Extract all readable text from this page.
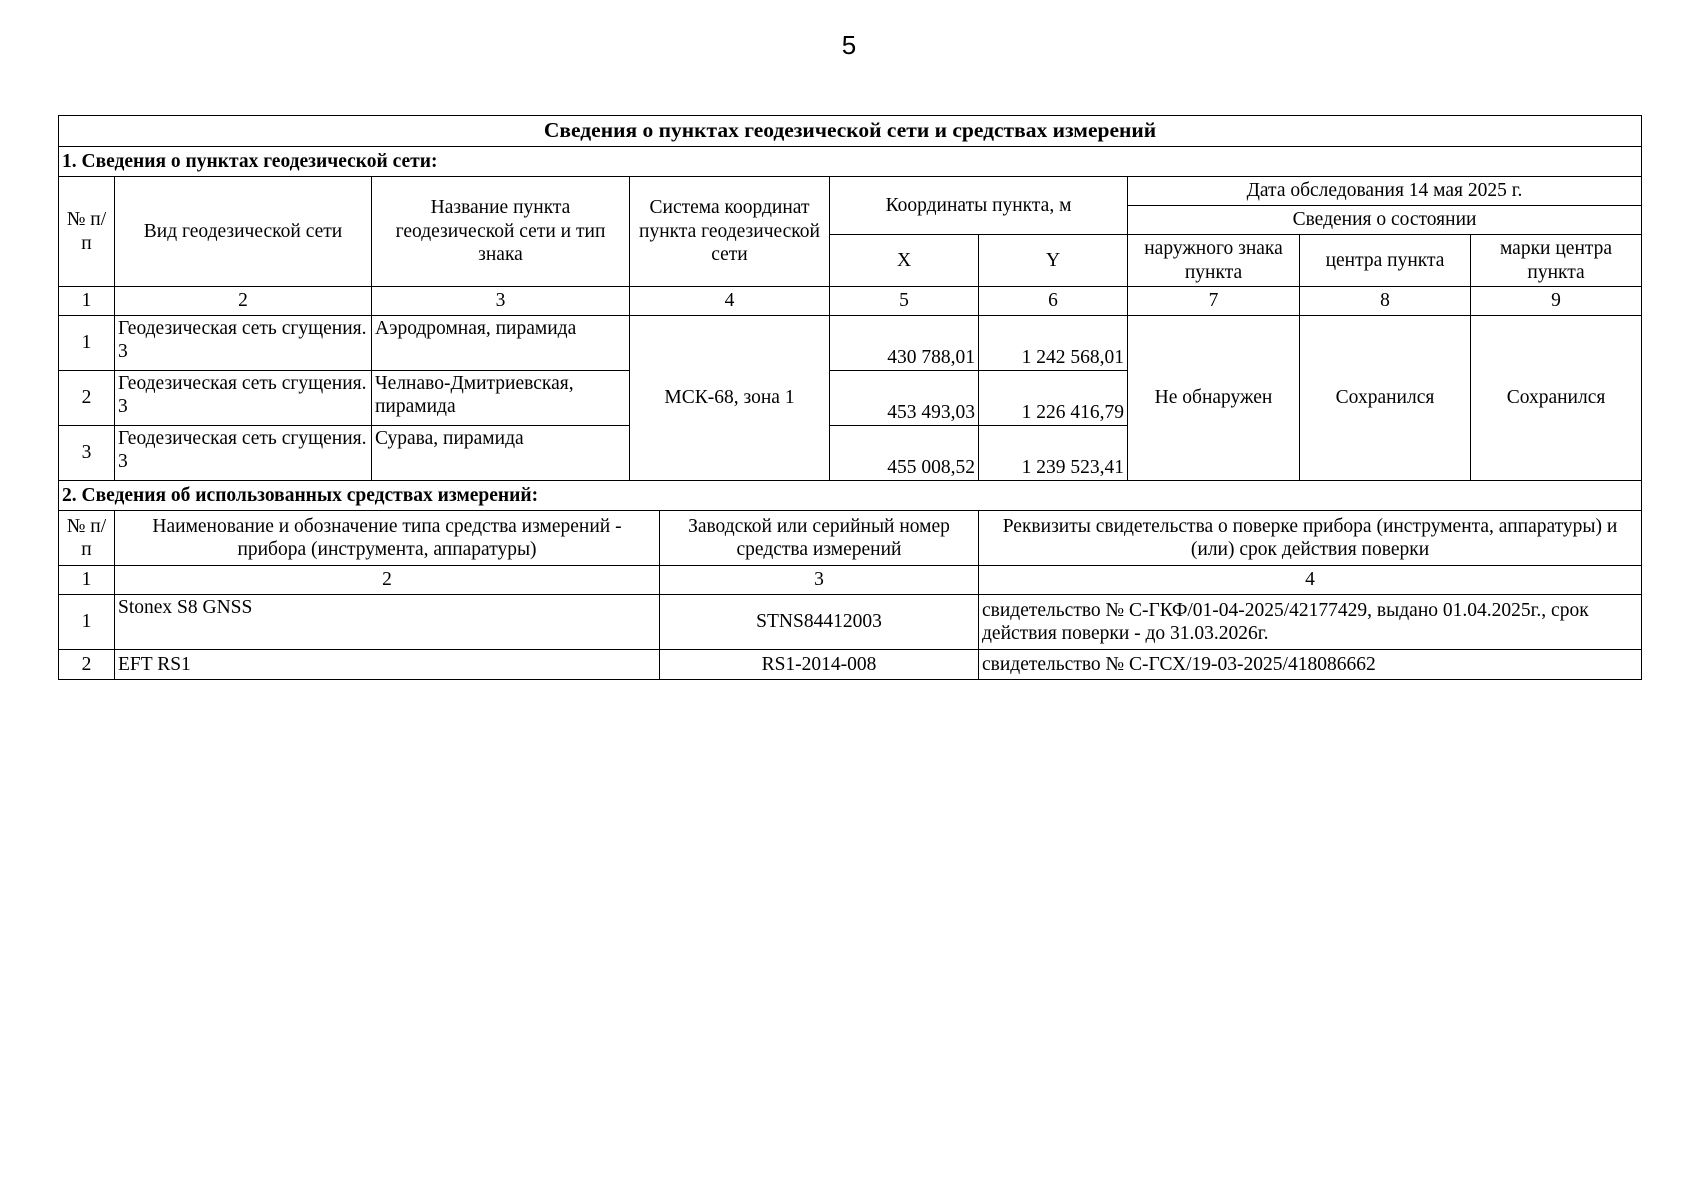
5
Сведения о пунктах геодезической сети и средствах измерений									
1. Сведения о пунктах геодезической сети:									
№ п/п	Вид геодезической сети	Название пункта геодезической сети и тип знака	Система координат пункта геодезической сети		Координаты пункта, м		Дата обследования 14 мая 2025 г.		
							Сведения о состоянии		
					X	Y	наружного знака пункта	центра пункта	марки центра пункта
1	2	3	4		5	6	7	8	9
1	Геодезическая сеть сгущения. 3	Аэродромная, пирамида	МСК-68, зона 1		430 788,01	1 242 568,01	Не обнаружен	Сохранился	Сохранился
2	Геодезическая сеть сгущения. 3	Челнаво-Дмитриевская, пирамида			453 493,03	1 226 416,79			
3	Геодезическая сеть сгущения. 3	Сурава, пирамида			455 008,52	1 239 523,41			
2. Сведения об использованных средствах измерений:									
№ п/п	Наименование и обозначение типа средства измерений - прибора (инструмента, аппаратуры)			Заводской или серийный номер средства измерений		Реквизиты свидетельства о поверке прибора (инструмента, аппаратуры) и (или) срок действия поверки			
1	2			3		4			
1	Stonex S8 GNSS			STNS84412003		свидетельство № С-ГКФ/01-04-2025/42177429, выдано 01.04.2025г., срок действия поверки - до 31.03.2026г.			
2	EFT RS1			RS1-2014-008		свидетельство № С-ГСХ/19-03-2025/418086662			
